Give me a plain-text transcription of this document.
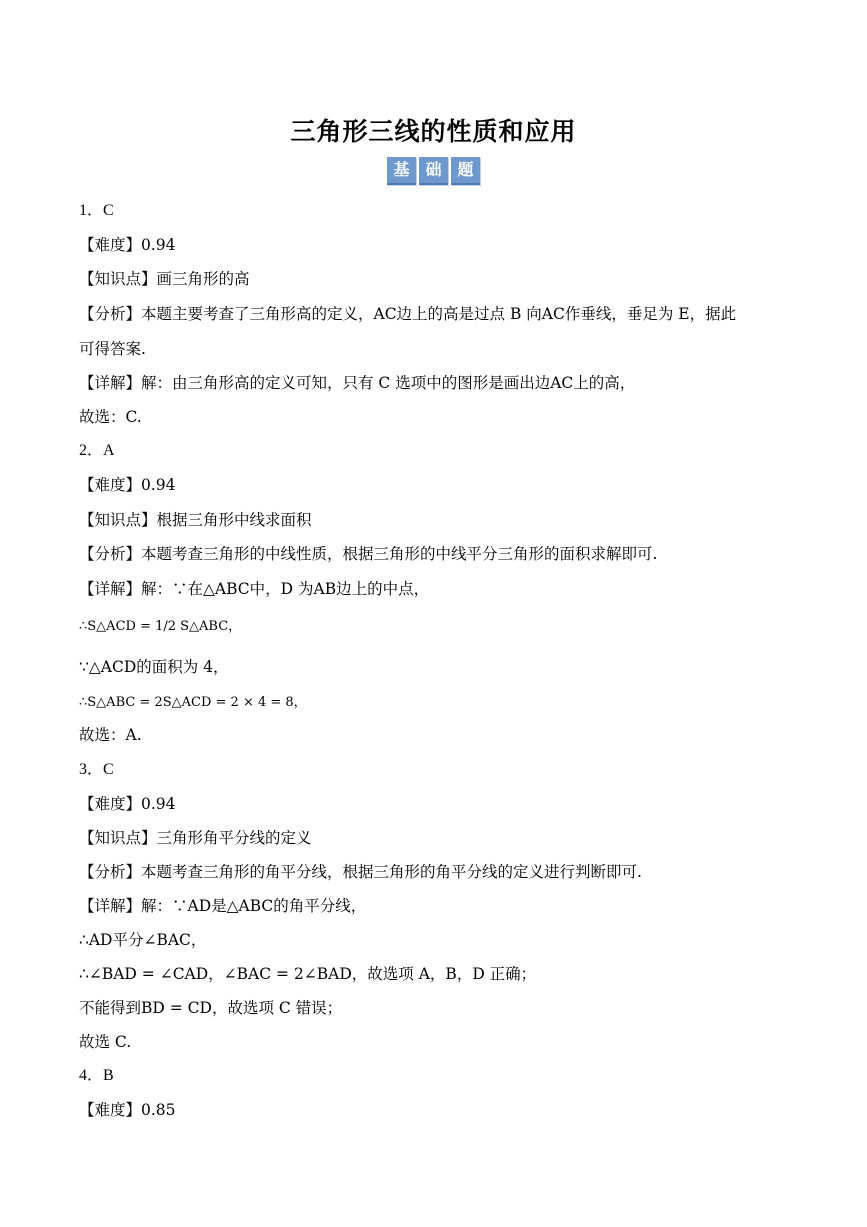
三角形三线的性质和应用
基 础 题
1．C
【难度】0.94
【知识点】画三角形的高
【分析】本题主要考查了三角形高的定义，AC边上的高是过点 B 向AC作垂线，垂足为 E，据此
可得答案.
【详解】解：由三角形高的定义可知，只有 C 选项中的图形是画出边AC上的高，
故选：C.
2．A
【难度】0.94
【知识点】根据三角形中线求面积
【分析】本题考查三角形的中线性质，根据三角形的中线平分三角形的面积求解即可.
【详解】解：∵在△ABC中，D 为AB边上的中点，
∴S△ACD = 1/2 S△ABC，
∵△ACD的面积为 4，
∴S△ABC = 2S△ACD = 2 × 4 = 8，
故选：A.
3．C
【难度】0.94
【知识点】三角形角平分线的定义
【分析】本题考查三角形的角平分线，根据三角形的角平分线的定义进行判断即可.
【详解】解：∵AD是△ABC的角平分线，
∴AD平分∠BAC，
∴∠BAD = ∠CAD，∠BAC = 2∠BAD，故选项 A，B，D 正确；
不能得到BD = CD，故选项 C 错误；
故选 C.
4．B
【难度】0.85
